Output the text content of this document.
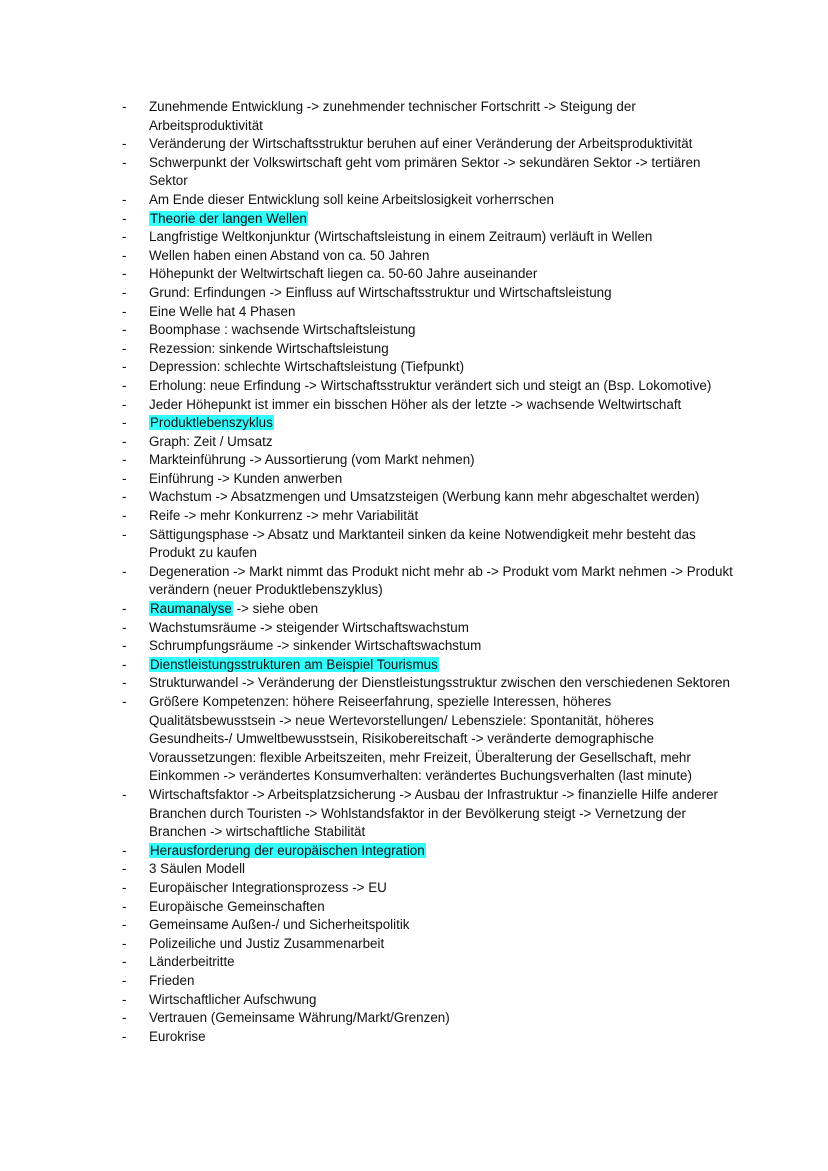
-	Zunehmende Entwicklung -> zunehmender technischer Fortschritt -> Steigung der Arbeitsproduktivität
-	Veränderung der Wirtschaftsstruktur beruhen auf einer Veränderung der Arbeitsproduktivität
-	Schwerpunkt der Volkswirtschaft geht vom primären Sektor -> sekundären Sektor -> tertiären Sektor
-	Am Ende dieser Entwicklung soll keine Arbeitslosigkeit vorherrschen
-	Theorie der langen Wellen
-	Langfristige Weltkonjunktur (Wirtschaftsleistung in einem Zeitraum) verläuft in Wellen
-	Wellen haben einen Abstand von ca. 50 Jahren
-	Höhepunkt der Weltwirtschaft liegen ca. 50-60 Jahre auseinander
-	Grund: Erfindungen -> Einfluss auf Wirtschaftsstruktur und Wirtschaftsleistung
-	Eine Welle hat 4 Phasen
-	Boomphase : wachsende Wirtschaftsleistung
-	Rezession: sinkende Wirtschaftsleistung
-	Depression: schlechte Wirtschaftsleistung (Tiefpunkt)
-	Erholung: neue Erfindung -> Wirtschaftsstruktur verändert sich und steigt an (Bsp. Lokomotive)
-	Jeder Höhepunkt ist immer ein bisschen Höher als der letzte -> wachsende Weltwirtschaft
-	Produktlebenszyklus
-	Graph: Zeit / Umsatz
-	Markteinführung -> Aussortierung (vom Markt nehmen)
-	Einführung -> Kunden anwerben
-	Wachstum -> Absatzmengen und Umsatzsteigen (Werbung kann mehr abgeschaltet werden)
-	Reife -> mehr Konkurrenz -> mehr Variabilität
-	Sättigungsphase -> Absatz und Marktanteil sinken da keine Notwendigkeit mehr besteht das Produkt zu kaufen
-	Degeneration -> Markt nimmt das Produkt nicht mehr ab -> Produkt vom Markt nehmen -> Produkt verändern (neuer Produktlebenszyklus)
-	Raumanalyse -> siehe oben
-	Wachstumsräume -> steigender Wirtschaftswachstum
-	Schrumpfungsräume -> sinkender Wirtschaftswachstum
-	Dienstleistungsstrukturen am Beispiel Tourismus
-	Strukturwandel -> Veränderung der Dienstleistungsstruktur zwischen den verschiedenen Sektoren
-	Größere Kompetenzen: höhere Reiseerfahrung, spezielle Interessen, höheres Qualitätsbewusstsein -> neue Wertevorstellungen/ Lebensziele: Spontanität, höheres Gesundheits-/ Umweltbewusstsein, Risikobereitschaft -> veränderte demographische Voraussetzungen: flexible Arbeitszeiten, mehr Freizeit, Überalterung der Gesellschaft, mehr Einkommen -> verändertes Konsumverhalten: verändertes Buchungsverhalten (last minute)
-	Wirtschaftsfaktor -> Arbeitsplatzsicherung -> Ausbau der Infrastruktur -> finanzielle Hilfe anderer Branchen durch Touristen -> Wohlstandsfaktor in der Bevölkerung steigt -> Vernetzung der Branchen -> wirtschaftliche Stabilität
-	Herausforderung der europäischen Integration
-	3 Säulen Modell
-	Europäischer Integrationsprozess -> EU
-	Europäische Gemeinschaften
-	Gemeinsame Außen-/ und Sicherheitspolitik
-	Polizeiliche und Justiz Zusammenarbeit
-	Länderbeitritte
-	Frieden
-	Wirtschaftlicher Aufschwung
-	Vertrauen (Gemeinsame Währung/Markt/Grenzen)
-	Eurokrise
